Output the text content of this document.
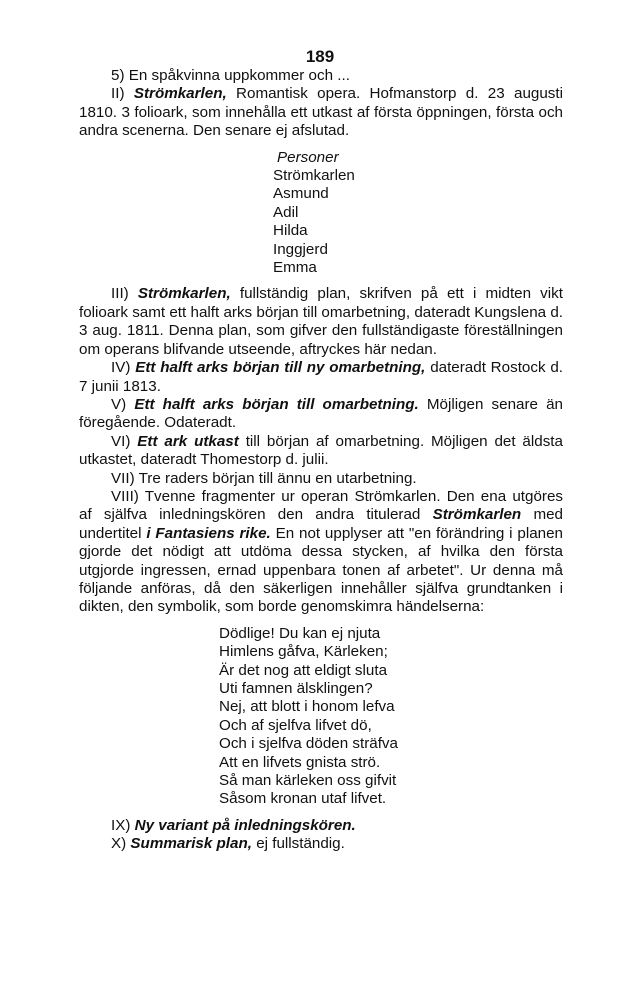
189

5) En spåkvinna uppkommer och ...

II) Strömkarlen, Romantisk opera. Hofmanstorp d. 23 augusti 1810. 3 folioark, som innehålla ett utkast af första öppningen, första och andra scenerna. Den senare ej afslutad.

Personer
Strömkarlen
Asmund
Adil
Hilda
Inggjerd
Emma

III) Strömkarlen, fullständig plan, skrifven på ett i midten vikt folioark samt ett halft arks början till omarbetning, dateradt Kungslena d. 3 aug. 1811. Denna plan, som gifver den fullständigaste föreställningen om operans blifvande utseende, aftryckes här nedan.

IV) Ett halft arks början till ny omarbetning, dateradt Rostock d. 7 junii 1813.

V) Ett halft arks början till omarbetning. Möjligen senare än föregående. Odateradt.

VI) Ett ark utkast till början af omarbetning. Möjligen det äldsta utkastet, dateradt Thomestorp d. julii.

VII) Tre raders början till ännu en utarbetning.

VIII) Tvenne fragmenter ur operan Strömkarlen. Den ena utgöres af själfva inledningskören den andra titulerad Strömkarlen med undertitel i Fantasiens rike. En not upplyser att "en förändring i planen gjorde det nödigt att utdöma dessa stycken, af hvilka den första utgjorde ingressen, ernad uppenbara tonen af arbetet". Ur denna må följande anföras, då den säkerligen innehåller själfva grundtanken i dikten, den symbolik, som borde genomskimra händelserna:

Dödlige! Du kan ej njuta
Himlens gåfva, Kärleken;
Är det nog att eldigt sluta
Uti famnen älsklingen?
Nej, att blott i honom lefva
Och af sjelfva lifvet dö,
Och i sjelfva döden sträfva
Att en lifvets gnista strö.
Så man kärleken oss gifvit
Såsom kronan utaf lifvet.

IX) Ny variant på inledningskören.

X) Summarisk plan, ej fullständig.
